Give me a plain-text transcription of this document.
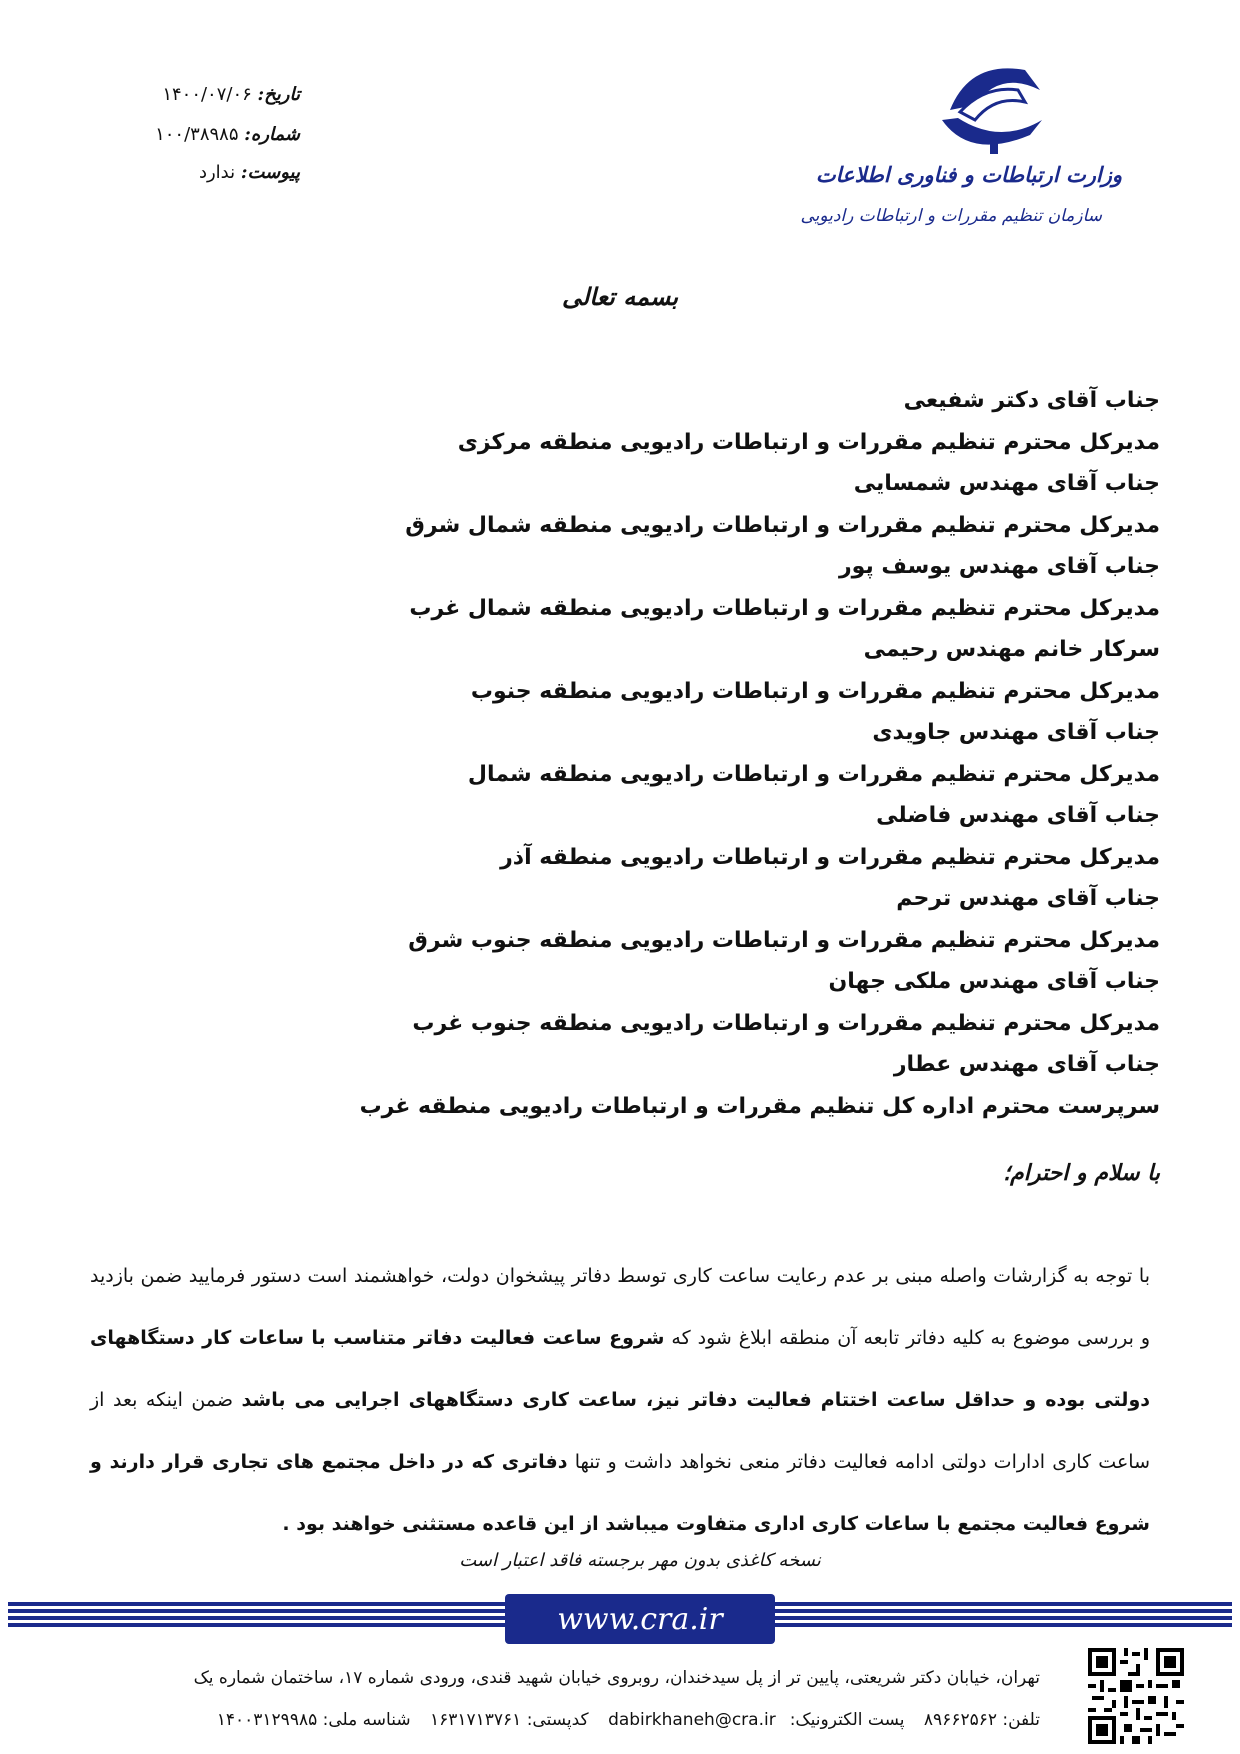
وزارت ارتباطات و فناوری اطلاعات
سازمان تنظیم مقررات و ارتباطات رادیویی
تاریخ: ۱۴۰۰/۰۷/۰۶
شماره: ۱۰۰/۳۸۹۸۵
پیوست: ندارد
بسمه تعالی
جناب آقای دکتر شفیعی
مدیرکل محترم تنظیم مقررات و ارتباطات رادیویی منطقه مرکزی
جناب آقای مهندس شمسایی
مدیرکل محترم تنظیم مقررات و ارتباطات رادیویی منطقه شمال شرق
جناب آقای مهندس یوسف پور
مدیرکل محترم تنظیم مقررات و ارتباطات رادیویی منطقه شمال غرب
سرکار خانم مهندس رحیمی
مدیرکل محترم تنظیم مقررات و ارتباطات رادیویی منطقه جنوب
جناب آقای مهندس جاویدی
مدیرکل محترم تنظیم مقررات و ارتباطات رادیویی منطقه شمال
جناب آقای مهندس فاضلی
مدیرکل محترم تنظیم مقررات و ارتباطات رادیویی منطقه آذر
جناب آقای مهندس ترحم
مدیرکل محترم تنظیم مقررات و ارتباطات رادیویی منطقه جنوب شرق
جناب آقای مهندس ملکی جهان
مدیرکل محترم تنظیم مقررات و ارتباطات رادیویی منطقه جنوب غرب
جناب آقای مهندس عطار
سرپرست محترم اداره کل تنظیم مقررات و ارتباطات رادیویی منطقه غرب
با سلام و احترام؛
با توجه به گزارشات واصله مبنی بر عدم رعایت ساعت کاری توسط دفاتر پیشخوان دولت، خواهشمند است دستور فرمایید ضمن بازدید و بررسی موضوع به کلیه دفاتر تابعه آن منطقه ابلاغ شود که شروع ساعت فعالیت دفاتر متناسب با ساعات کار دستگاههای دولتی بوده و حداقل ساعت اختتام فعالیت دفاتر نیز، ساعت کاری دستگاههای اجرایی می باشد ضمن اینکه بعد از ساعت کاری ادارات دولتی ادامه فعالیت دفاتر منعی نخواهد داشت و تنها دفاتری که در داخل مجتمع های تجاری قرار دارند و شروع فعالیت مجتمع با ساعات کاری اداری متفاوت میباشد از این قاعده مستثنی خواهند بود .
نسخه کاغذی بدون مهر برجسته فاقد اعتبار است
www.cra.ir
تهران، خیابان دکتر شریعتی، پایین تر از پل سیدخندان، روبروی خیابان شهید قندی، ورودی شماره ۱۷، ساختمان شماره یک
تلفن: ۸۹۶۶۲۵۶۲ پست الکترونیک:dabirkhaneh@cra.ir کدپستی: ۱۶۳۱۷۱۳۷۶۱ شناسه ملی: ۱۴۰۰۳۱۲۹۹۸۵
